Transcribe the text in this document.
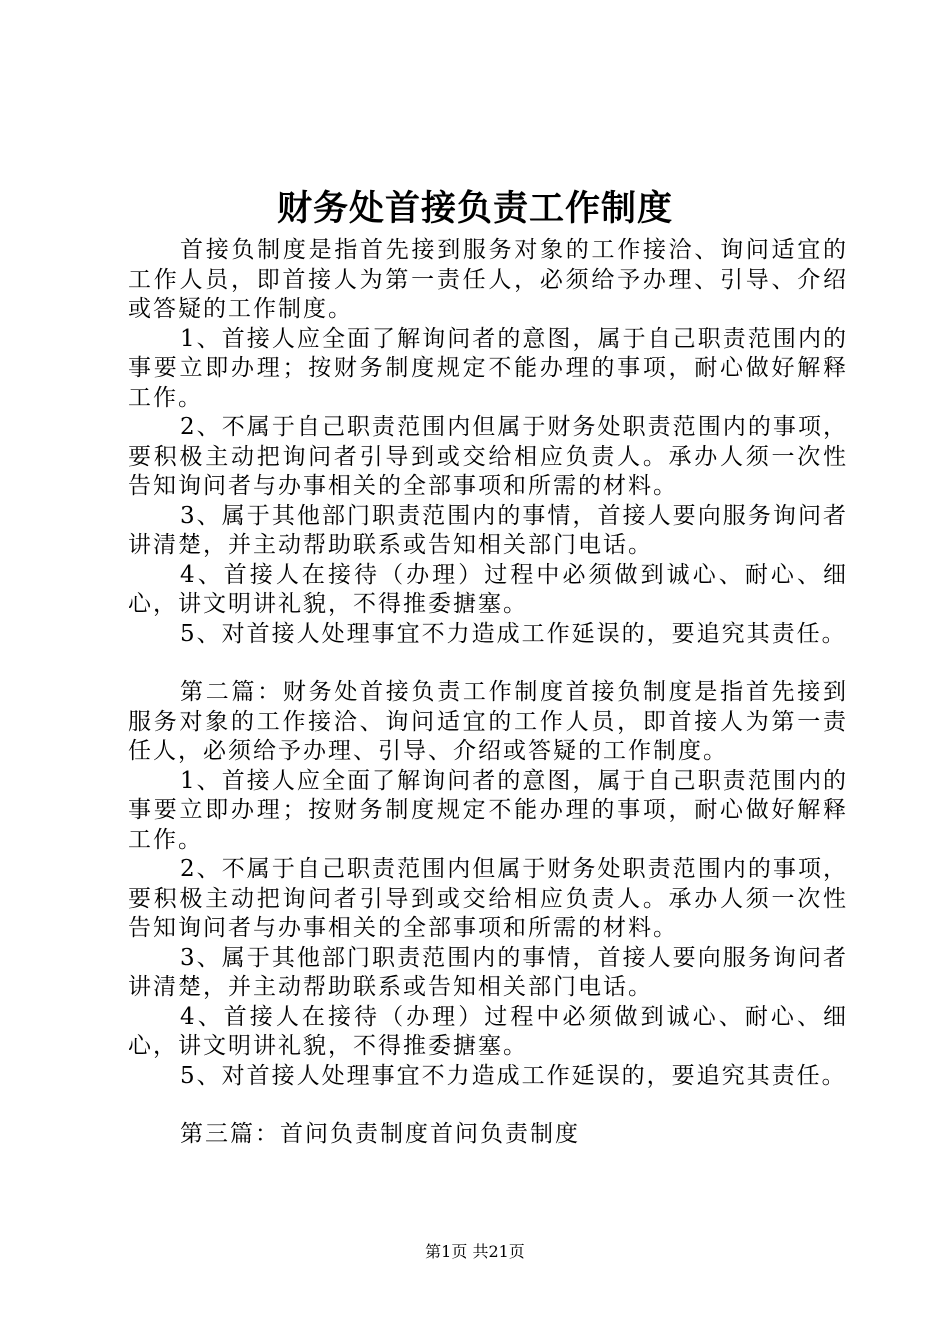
财务处首接负责工作制度

首接负制度是指首先接到服务对象的工作接洽、询问适宜的工作人员，即首接人为第一责任人，必须给予办理、引导、介绍或答疑的工作制度。

1、首接人应全面了解询问者的意图，属于自己职责范围内的事要立即办理；按财务制度规定不能办理的事项，耐心做好解释工作。

2、不属于自己职责范围内但属于财务处职责范围内的事项，要积极主动把询问者引导到或交给相应负责人。承办人须一次性告知询问者与办事相关的全部事项和所需的材料。

3、属于其他部门职责范围内的事情，首接人要向服务询问者讲清楚，并主动帮助联系或告知相关部门电话。

4、首接人在接待（办理）过程中必须做到诚心、耐心、细心，讲文明讲礼貌，不得推委搪塞。

5、对首接人处理事宜不力造成工作延误的，要追究其责任。

第二篇：财务处首接负责工作制度首接负制度是指首先接到服务对象的工作接洽、询问适宜的工作人员，即首接人为第一责任人，必须给予办理、引导、介绍或答疑的工作制度。

1、首接人应全面了解询问者的意图，属于自己职责范围内的事要立即办理；按财务制度规定不能办理的事项，耐心做好解释工作。

2、不属于自己职责范围内但属于财务处职责范围内的事项，要积极主动把询问者引导到或交给相应负责人。承办人须一次性告知询问者与办事相关的全部事项和所需的材料。

3、属于其他部门职责范围内的事情，首接人要向服务询问者讲清楚，并主动帮助联系或告知相关部门电话。

4、首接人在接待（办理）过程中必须做到诚心、耐心、细心，讲文明讲礼貌，不得推委搪塞。

5、对首接人处理事宜不力造成工作延误的，要追究其责任。

第三篇：首问负责制度首问负责制度

第1页 共21页
